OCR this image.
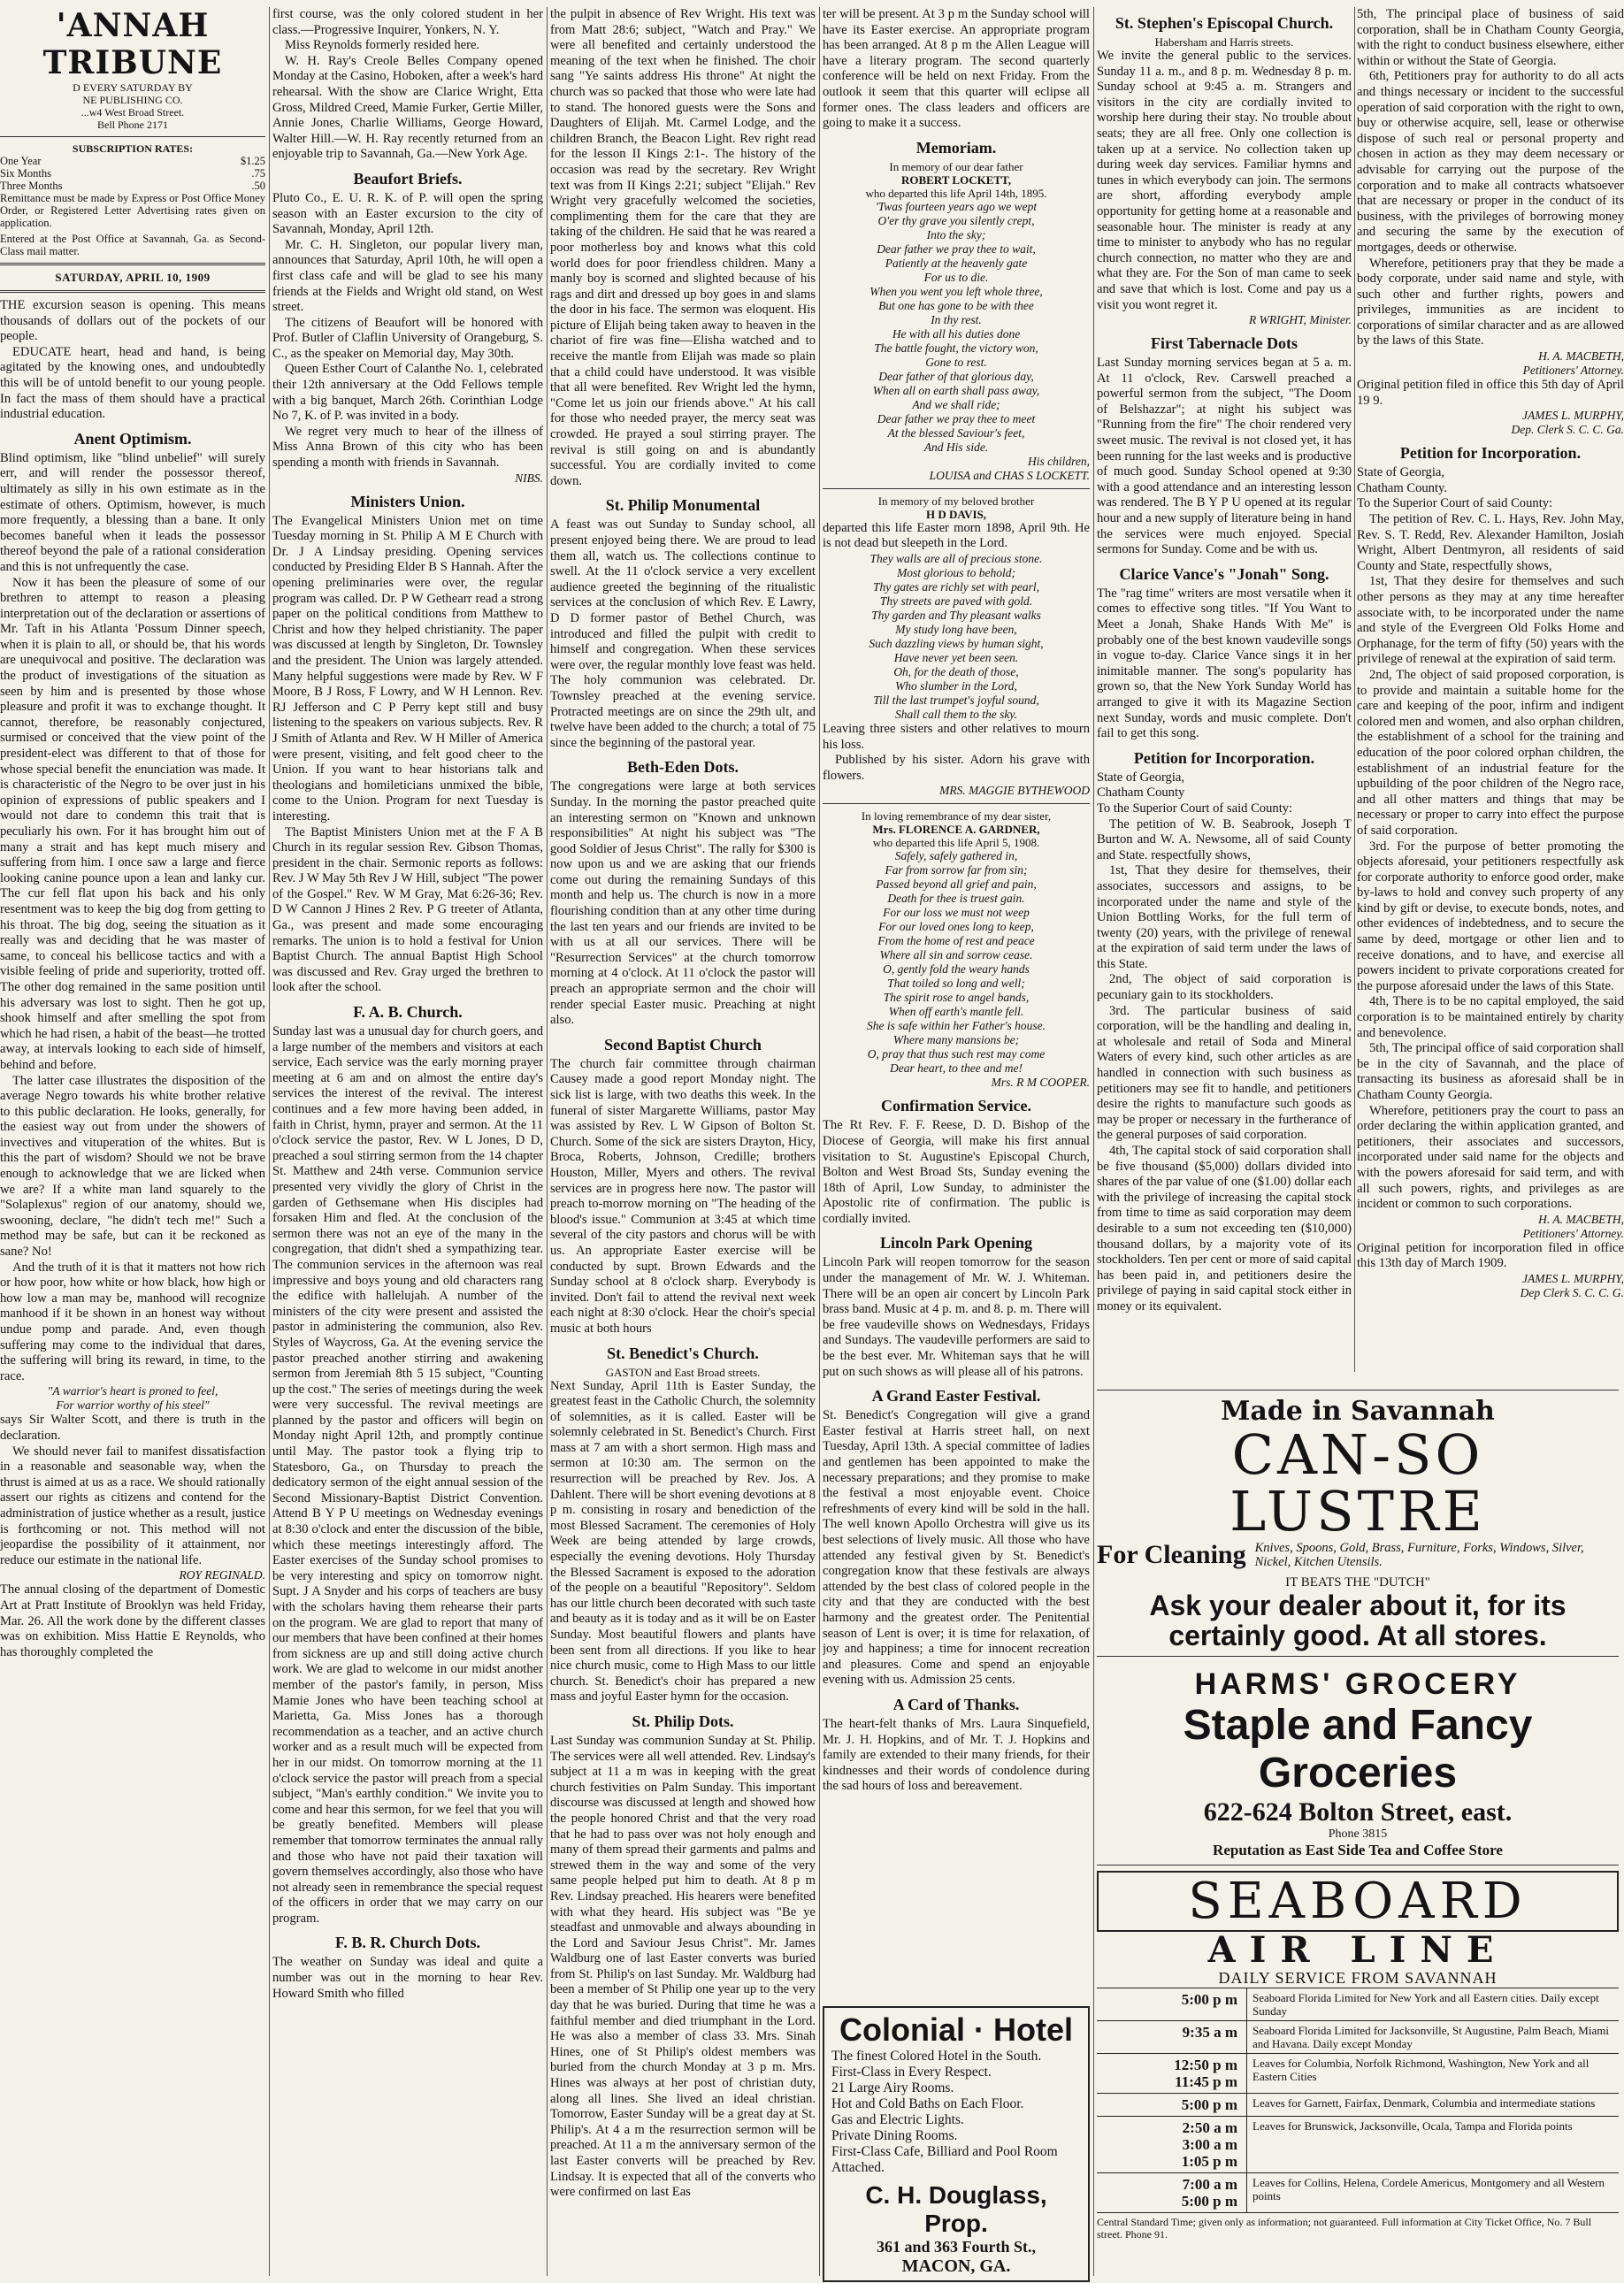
'ANNAH TRIBUNE
D EVERY SATURDAY BY
NE PUBLISHING CO.
...w4 West Broad Street.
Bell Phone 2171
SUBSCRIPTION RATES:
One Year	$1.25
Six Months	.75
Three Months	.50
Remittance must be made by Express or Post Office Money Order, or Registered Letter Advertising rates given on application.
Entered at the Post Office at Savannah, Ga. as Second-Class mail matter.
SATURDAY, APRIL 10, 1909

THE excursion season is opening. This means thousands of dollars out of the pockets of our people.

EDUCATE heart, head and hand, is being agitated by the knowing ones, and undoubtedly this will be of untold benefit to our young people. In fact the mass of them should have a practical industrial education.

Anent Optimism.

Blind optimism, like "blind unbelief" will surely err, and will render the possessor thereof, ultimately as silly in his own estimate as in the estimate of others. Optimism, however, is much more frequently, a blessing than a bane. It only becomes baneful when it leads the possessor thereof beyond the pale of a rational consideration and this is not unfrequently the case.

Now it has been the pleasure of some of our brethren to attempt to reason a pleasing interpretation out of the declaration or assertions of Mr. Taft in his Atlanta 'Possum Dinner speech, when it is plain to all, or should be, that his words are unequivocal and positive. The declaration was the product of investigations of the situation as seen by him and is presented by those whose pleasure and profit it was to exchange thought. It cannot, therefore, be reasonably conjectured, surmised or conceived that the view point of the president-elect was different to that of those for whose special benefit the enunciation was made. It is characteristic of the Negro to be over just in his opinion of expressions of public speakers and I would not dare to condemn this trait that is peculiarly his own. For it has brought him out of many a strait and has kept much misery and suffering from him. I once saw a large and fierce looking canine pounce upon a lean and lanky cur. The cur fell flat upon his back and his only resentment was to keep the big dog from getting to his throat. The big dog, seeing the situation as it really was and deciding that he was master of same, to conceal his bellicose tactics and with a visible feeling of pride and superiority, trotted off. The other dog remained in the same position until his adversary was lost to sight. Then he got up, shook himself and after smelling the spot from which he had risen, a habit of the beast—he trotted away, at intervals looking to each side of himself, behind and before.

The latter case illustrates the disposition of the average Negro towards his white brother relative to this public declaration. He looks, generally, for the easiest way out from under the showers of invectives and vituperation of the whites. But is this the part of wisdom? Should we not be brave enough to acknowledge that we are licked when we are? If a white man land squarely to the "Solaplexus" region of our anatomy, should we, swooning, declare, "he didn't tech me!" Such a method may be safe, but can it be reckoned as sane? No!

And the truth of it is that it matters not how rich or how poor, how white or how black, how high or how low a man may be, manhood will recognize manhood if it be shown in an honest way without undue pomp and parade. And, even though suffering may come to the individual that dares, the suffering will bring its reward, in time, to the race.

"A warrior's heart is proned to feel,
For warrior worthy of his steel"

says Sir Walter Scott, and there is truth in the declaration.

We should never fail to manifest dissatisfaction in a reasonable and seasonable way, when the thrust is aimed at us as a race. We should rationally assert our rights as citizens and contend for the administration of justice whether as a result, justice is forthcoming or not. This method will not jeopardise the possibility of it attainment, nor reduce our estimate in the national life.

ROY REGINALD.

The annual closing of the department of Domestic Art at Pratt Institute of Brooklyn was held Friday, Mar. 26. All the work done by the different classes was on exhibition. Miss Hattie E Reynolds, who has thoroughly completed the

first course, was the only colored student in her class.—Progressive Inquirer, Yonkers, N. Y.

Miss Reynolds formerly resided here.

W. H. Ray's Creole Belles Company opened Monday at the Casino, Hoboken, after a week's hard rehearsal. With the show are Clarice Wright, Etta Gross, Mildred Creed, Mamie Furker, Gertie Miller, Annie Jones, Charlie Williams, George Howard, Walter Hill.—W. H. Ray recently returned from an enjoyable trip to Savannah, Ga.—New York Age.

Beaufort Briefs.

Pluto Co., E. U. R. K. of P. will open the spring season with an Easter excursion to the city of Savannah, Monday, April 12th.

Mr. C. H. Singleton, our popular livery man, announces that Saturday, April 10th, he will open a first class cafe and will be glad to see his many friends at the Fields and Wright old stand, on West street.

The citizens of Beaufort will be honored with Prof. Butler of Claflin University of Orangeburg, S. C., as the speaker on Memorial day, May 30th.

Queen Esther Court of Calanthe No. 1, celebrated their 12th anniversary at the Odd Fellows temple with a big banquet, March 26th. Corinthian Lodge No 7, K. of P. was invited in a body.

We regret very much to hear of the illness of Miss Anna Brown of this city who has been spending a month with friends in Savannah.

NIBS.
Ministers Union.

The Evangelical Ministers Union met on time Tuesday morning in St. Philip A M E Church with Dr. J A Lindsay presiding. Opening services conducted by Presiding Elder B S Hannah. After the opening preliminaries were over, the regular program was called. Dr. P W Gethearr read a strong paper on the political conditions from Matthew to Christ and how they helped christianity. The paper was discussed at length by Singleton, Dr. Townsley and the president. The Union was largely attended. Many helpful suggestions were made by Rev. W F Moore, B J Ross, F Lowry, and W H Lennon. Rev. RJ Jefferson and C P Perry kept still and busy listening to the speakers on various subjects. Rev. R J Smith of Atlanta and Rev. W H Miller of America were present, visiting, and felt good cheer to the Union. If you want to hear historians talk and theologians and homileticians unmixed the bible, come to the Union. Program for next Tuesday is interesting.

The Baptist Ministers Union met at the F A B Church in its regular session Rev. Gibson Thomas, president in the chair. Sermonic reports as follows: Rev. J W May 5th Rev J W Hill, subject "The power of the Gospel." Rev. W M Gray, Mat 6:26-36; Rev. D W Cannon J Hines 2 Rev. P G treeter of Atlanta, Ga., was present and made some encouraging remarks. The union is to hold a festival for Union Baptist Church. The annual Baptist High School was discussed and Rev. Gray urged the brethren to look after the school.

F. A. B. Church.

Sunday last was a unusual day for church goers, and a large number of the members and visitors at each service, Each service was the early morning prayer meeting at 6 am and on almost the entire day's services the interest of the revival. The interest continues and a few more having been added, in faith in Christ, hymn, prayer and sermon. At the 11 o'clock service the pastor, Rev. W L Jones, D D, preached a soul stirring sermon from the 14 chapter St. Matthew and 24th verse. Communion service presented very vividly the glory of Christ in the garden of Gethsemane when His disciples had forsaken Him and fled. At the conclusion of the sermon there was not an eye of the many in the congregation, that didn't shed a sympathizing tear. The communion services in the afternoon was real impressive and boys young and old characters rang the edifice with hallelujah. A number of the ministers of the city were present and assisted the pastor in administering the communion, also Rev. Styles of Waycross, Ga. At the evening service the pastor preached another stirring and awakening sermon from Jeremiah 8th 5 15 subject, "Counting up the cost." The series of meetings during the week were very successful. The revival meetings are planned by the pastor and officers will begin on Monday night April 12th, and promptly continue until May. The pastor took a flying trip to Statesboro, Ga., on Thursday to preach the dedicatory sermon of the eight annual session of the Second Missionary-Baptist District Convention. Attend B Y P U meetings on Wednesday evenings at 8:30 o'clock and enter the discussion of the bible, which these meetings interestingly afford. The Easter exercises of the Sunday school promises to be very interesting and spicy on tomorrow night. Supt. J A Snyder and his corps of teachers are busy with the scholars having them rehearse their parts on the program. We are glad to report that many of our members that have been confined at their homes from sickness are up and still doing active church work. We are glad to welcome in our midst another member of the pastor's family, in person, Miss Mamie Jones who have been teaching school at Marietta, Ga. Miss Jones has a thorough recommendation as a teacher, and an active church worker and as a result much will be expected from her in our midst. On tomorrow morning at the 11 o'clock service the pastor will preach from a special subject, "Man's earthly condition." We invite you to come and hear this sermon, for we feel that you will be greatly benefited. Members will please remember that tomorrow terminates the annual rally and those who have not paid their taxation will govern themselves accordingly, also those who have not already seen in remembrance the special request of the officers in order that we may carry on our program.

F. B. R. Church Dots.

The weather on Sunday was ideal and quite a number was out in the morning to hear Rev. Howard Smith who filled

the pulpit in absence of Rev Wright. His text was from Matt 28:6; subject, "Watch and Pray." We were all benefited and certainly understood the meaning of the text when he finished. The choir sang "Ye saints address His throne" At night the church was so packed that those who were late had to stand. The honored guests were the Sons and Daughters of Elijah. Mt. Carmel Lodge, and the children Branch, the Beacon Light. Rev right read for the lesson II Kings 2:1-. The history of the occasion was read by the secretary. Rev Wright text was from II Kings 2:21; subject "Elijah." Rev Wright very gracefully welcomed the societies, complimenting them for the care that they are taking of the children. He said that he was reared a poor motherless boy and knows what this cold world does for poor friendless children. Many a manly boy is scorned and slighted because of his rags and dirt and dressed up boy goes in and slams the door in his face. The sermon was eloquent. His picture of Elijah being taken away to heaven in the chariot of fire was fine—Elisha watched and to receive the mantle from Elijah was made so plain that a child could have understood. It was visible that all were benefited. Rev Wright led the hymn, "Come let us join our friends above." At his call for those who needed prayer, the mercy seat was crowded. He prayed a soul stirring prayer. The revival is still going on and is abundantly successful. You are cordially invited to come down.

St. Philip Monumental

A feast was out Sunday to Sunday school, all present enjoyed being there. We are proud to lead them all, watch us. The collections continue to swell. At the 11 o'clock service a very excellent audience greeted the beginning of the ritualistic services at the conclusion of which Rev. E Lawry, D D former pastor of Bethel Church, was introduced and filled the pulpit with credit to himself and congregation. When these services were over, the regular monthly love feast was held. The holy communion was celebrated. Dr. Townsley preached at the evening service. Protracted meetings are on since the 29th ult, and twelve have been added to the church; a total of 75 since the beginning of the pastoral year.

Beth-Eden Dots.

The congregations were large at both services Sunday. In the morning the pastor preached quite an interesting sermon on "Known and unknown responsibilities" At night his subject was "The good Soldier of Jesus Christ". The rally for $300 is now upon us and we are asking that our friends come out during the remaining Sundays of this month and help us. The church is now in a more flourishing condition than at any other time during the last ten years and our friends are invited to be with us at all our services. There will be "Resurrection Services" at the church tomorrow morning at 4 o'clock. At 11 o'clock the pastor will preach an appropriate sermon and the choir will render special Easter music. Preaching at night also.

Second Baptist Church

The church fair committee through chairman Causey made a good report Monday night. The sick list is large, with two deaths this week. In the funeral of sister Margarette Williams, pastor May was assisted by Rev. L W Gipson of Bolton St. Church. Some of the sick are sisters Drayton, Hicy, Broca, Roberts, Johnson, Credille; brothers Houston, Miller, Myers and others. The revival services are in progress here now. The pastor will preach to-morrow morning on "The heading of the blood's issue." Communion at 3:45 at which time several of the city pastors and chorus will be with us. An appropriate Easter exercise will be conducted by supt. Brown Edwards and the Sunday school at 8 o'clock sharp. Everybody is invited. Don't fail to attend the revival next week each night at 8:30 o'clock. Hear the choir's special music at both hours

St. Benedict's Church.
GASTON and East Broad streets.

Next Sunday, April 11th is Easter Sunday, the greatest feast in the Catholic Church, the solemnity of solemnities, as it is called. Easter will be solemnly celebrated in St. Benedict's Church. First mass at 7 am with a short sermon. High mass and sermon at 10:30 am. The sermon on the resurrection will be preached by Rev. Jos. A Dahlent. There will be short evening devotions at 8 p m. consisting in rosary and benediction of the most Blessed Sacrament. The ceremonies of Holy Week are being attended by large crowds, especially the evening devotions. Holy Thursday the Blessed Sacrament is exposed to the adoration of the people on a beautiful "Repository". Seldom has our little church been decorated with such taste and beauty as it is today and as it will be on Easter Sunday. Most beautiful flowers and plants have been sent from all directions. If you like to hear nice church music, come to High Mass to our little church. St. Benedict's choir has prepared a new mass and joyful Easter hymn for the occasion.

St. Philip Dots.

Last Sunday was communion Sunday at St. Philip. The services were all well attended. Rev. Lindsay's subject at 11 a m was in keeping with the great church festivities on Palm Sunday. This important discourse was discussed at length and showed how the people honored Christ and that the very road that he had to pass over was not holy enough and many of them spread their garments and palms and strewed them in the way and some of the very same people helped put him to death. At 8 p m Rev. Lindsay preached. His hearers were benefited with what they heard. His subject was "Be ye steadfast and unmovable and always abounding in the Lord and Saviour Jesus Christ". Mr. James Waldburg one of last Easter converts was buried from St. Philip's on last Sunday. Mr. Waldburg had been a member of St Philip one year up to the very day that he was buried. During that time he was a faithful member and died triumphant in the Lord. He was also a member of class 33. Mrs. Sinah Hines, one of St Philip's oldest members was buried from the church Monday at 3 p m. Mrs. Hines was always at her post of christian duty, along all lines. She lived an ideal christian. Tomorrow, Easter Sunday will be a great day at St. Philip's. At 4 a m the resurrection sermon will be preached. At 11 a m the anniversary sermon of the last Easter converts will be preached by Rev. Lindsay. It is expected that all of the converts who were confirmed on last Eas

ter will be present. At 3 p m the Sunday school will have its Easter exercise. An appropriate program has been arranged. At 8 p m the Allen League will have a literary program. The second quarterly conference will be held on next Friday. From the outlook it seem that this quarter will eclipse all former ones. The class leaders and officers are going to make it a success.

Memoriam.
In memory of our dear father
ROBERT LOCKETT,
who departed this life April 14th, 1895.
'Twas fourteen years ago we wept
O'er thy grave you silently crept,
Into the sky;
Dear father we pray thee to wait,
Patiently at the heavenly gate
For us to die.
When you went you left whole three,
But one has gone to be with thee
In thy rest.
He with all his duties done
The battle fought, the victory won,
Gone to rest.
Dear father of that glorious day,
When all on earth shall pass away,
And we shall ride;
Dear father we pray thee to meet
At the blessed Saviour's feet,
And His side.
His children,
LOUISA and CHAS S LOCKETT.
In memory of my beloved brother
H D DAVIS,

departed this life Easter morn 1898, April 9th. He is not dead but sleepeth in the Lord.

They walls are all of precious stone.
Most glorious to behold;
Thy gates are richly set with pearl,
Thy streets are paved with gold.
Thy garden and Thy pleasant walks
My study long have been,
Such dazzling views by human sight,
Have never yet been seen.
Oh, for the death of those,
Who slumber in the Lord,
Till the last trumpet's joyful sound,
Shall call them to the sky.

Leaving three sisters and other relatives to mourn his loss.

Published by his sister. Adorn his grave with flowers.

MRS. MAGGIE BYTHEWOOD
In loving remembrance of my dear sister,
Mrs. FLORENCE A. GARDNER,
who departed this life April 5, 1908.
Safely, safely gathered in,
Far from sorrow far from sin;
Passed beyond all grief and pain,
Death for thee is truest gain.
For our loss we must not weep
For our loved ones long to keep,
From the home of rest and peace
Where all sin and sorrow cease.
O, gently fold the weary hands
That toiled so long and well;
The spirit rose to angel bands,
When off earth's mantle fell.
She is safe within her Father's house.
Where many mansions be;
O, pray that thus such rest may come
Dear heart, to thee and me!
Mrs. R M COOPER.
Confirmation Service.

The Rt Rev. F. F. Reese, D. D. Bishop of the Diocese of Georgia, will make his first annual visitation to St. Augustine's Episcopal Church, Bolton and West Broad Sts, Sunday evening the 18th of April, Low Sunday, to administer the Apostolic rite of confirmation. The public is cordially invited.

Lincoln Park Opening

Lincoln Park will reopen tomorrow for the season under the management of Mr. W. J. Whiteman. There will be an open air concert by Lincoln Park brass band. Music at 4 p. m. and 8. p. m. There will be free vaudeville shows on Wednesdays, Fridays and Sundays. The vaudeville performers are said to be the best ever. Mr. Whiteman says that he will put on such shows as will please all of his patrons.

A Grand Easter Festival.

St. Benedict's Congregation will give a grand Easter festival at Harris street hall, on next Tuesday, April 13th. A special committee of ladies and gentlemen has been appointed to make the necessary preparations; and they promise to make the festival a most enjoyable event. Choice refreshments of every kind will be sold in the hall. The well known Apollo Orchestra will give us its best selections of lively music. All those who have attended any festival given by St. Benedict's congregation know that these festivals are always attended by the best class of colored people in the city and that they are conducted with the best harmony and the greatest order. The Penitential season of Lent is over; it is time for relaxation, of joy and happiness; a time for innocent recreation and pleasures. Come and spend an enjoyable evening with us. Admission 25 cents.

A Card of Thanks.

The heart-felt thanks of Mrs. Laura Sinquefield, Mr. J. H. Hopkins, and of Mr. T. J. Hopkins and family are extended to their many friends, for their kindnesses and their words of condolence during the sad hours of loss and bereavement.

St. Stephen's Episcopal Church.
Habersham and Harris streets.

We invite the general public to the services. Sunday 11 a. m., and 8 p. m. Wednesday 8 p. m. Sunday school at 9:45 a. m. Strangers and visitors in the city are cordially invited to worship here during their stay. No trouble about seats; they are all free. Only one collection is taken up at a service. No collection taken up during week day services. Familiar hymns and tunes in which everybody can join. The sermons are short, affording everybody ample opportunity for getting home at a reasonable and seasonable hour. The minister is ready at any time to minister to anybody who has no regular church connection, no matter who they are and what they are. For the Son of man came to seek and save that which is lost. Come and pay us a visit you wont regret it.

R WRIGHT, Minister.
First Tabernacle Dots

Last Sunday morning services began at 5 a. m. At 11 o'clock, Rev. Carswell preached a powerful sermon from the subject, "The Doom of Belshazzar"; at night his subject was "Running from the fire" The choir rendered very sweet music. The revival is not closed yet, it has been running for the last weeks and is productive of much good. Sunday School opened at 9:30 with a good attendance and an interesting lesson was rendered. The B Y P U opened at its regular hour and a new supply of literature being in hand the services were much enjoyed. Special sermons for Sunday. Come and be with us.

Clarice Vance's "Jonah" Song.

The "rag time" writers are most versatile when it comes to effective song titles. "If You Want to Meet a Jonah, Shake Hands With Me" is probably one of the best known vaudeville songs in vogue to-day. Clarice Vance sings it in her inimitable manner. The song's popularity has grown so, that the New York Sunday World has arranged to give it with its Magazine Section next Sunday, words and music complete. Don't fail to get this song.

Petition for Incorporation.
State of Georgia,
Chatham County

To the Superior Court of said County:

The petition of W. B. Seabrook, Joseph T Burton and W. A. Newsome, all of said County and State. respectfully shows,

1st, That they desire for themselves, their associates, successors and assigns, to be incorporated under the name and style of the Union Bottling Works, for the full term of twenty (20) years, with the privilege of renewal at the expiration of said term under the laws of this State.

2nd, The object of said corporation is pecuniary gain to its stockholders.

3rd. The particular business of said corporation, will be the handling and dealing in, at wholesale and retail of Soda and Mineral Waters of every kind, such other articles as are handled in connection with such business as petitioners may see fit to handle, and petitioners desire the rights to manufacture such goods as may be proper or necessary in the furtherance of the general purposes of said corporation.

4th, The capital stock of said corporation shall be five thousand ($5,000) dollars divided into shares of the par value of one ($1.00) dollar each with the privilege of increasing the capital stock from time to time as said corporation may deem desirable to a sum not exceeding ten ($10,000) thousand dollars, by a majority vote of its stockholders. Ten per cent or more of said capital has been paid in, and petitioners desire the privilege of paying in said capital stock either in money or its equivalent.

5th, The principal place of business of said corporation, shall be in Chatham County Georgia, with the right to conduct business elsewhere, either within or without the State of Georgia.

6th, Petitioners pray for authority to do all acts and things necessary or incident to the successful operation of said corporation with the right to own, buy or otherwise acquire, sell, lease or otherwise dispose of such real or personal property and chosen in action as they may deem necessary or advisable for carrying out the purpose of the corporation and to make all contracts whatsoever that are necessary or proper in the conduct of its business, with the privileges of borrowing money and securing the same by the execution of mortgages, deeds or otherwise.

Wherefore, petitioners pray that they be made a body corporate, under said name and style, with such other and further rights, powers and privileges, immunities as are incident to corporations of similar character and as are allowed by the laws of this State.

H. A. MACBETH,
Petitioners' Attorney.

Original petition filed in office this 5th day of April 19 9.

JAMES L. MURPHY,
Dep. Clerk S. C. C. Ga.
Petition for Incorporation.
State of Georgia,
Chatham County.

To the Superior Court of said County:

The petition of Rev. C. L. Hays, Rev. John May, Rev. S. T. Redd, Rev. Alexander Hamilton, Josiah Wright, Albert Dentmyron, all residents of said County and State, respectfully shows,

1st, That they desire for themselves and such other persons as they may at any time hereafter associate with, to be incorporated under the name and style of the Evergreen Old Folks Home and Orphanage, for the term of fifty (50) years with the privilege of renewal at the expiration of said term.

2nd, The object of said proposed corporation, is to provide and maintain a suitable home for the care and keeping of the poor, infirm and indigent colored men and women, and also orphan children, the establishment of a school for the training and education of the poor colored orphan children, the establishment of an industrial feature for the upbuilding of the poor children of the Negro race, and all other matters and things that may be necessary or proper to carry into effect the purpose of said corporation.

3rd. For the purpose of better promoting the objects aforesaid, your petitioners respectfully ask for corporate authority to enforce good order, make by-laws to hold and convey such property of any kind by gift or devise, to execute bonds, notes, and other evidences of indebtedness, and to secure the same by deed, mortgage or other lien and to receive donations, and to have, and exercise all powers incident to private corporations created for the purpose aforesaid under the laws of this State.

4th, There is to be no capital employed, the said corporation is to be maintained entirely by charity and benevolence.

5th, The principal office of said corporation shall be in the city of Savannah, and the place of transacting its business as aforesaid shall be in Chatham County Georgia.

Wherefore, petitioners pray the court to pass an order declaring the within application granted, and petitioners, their associates and successors, incorporated under said name for the objects and with the powers aforesaid for said term, and with all such powers, rights, and privileges as are incident or common to such corporations.

H. A. MACBETH,
Petitioners' Attorney.

Original petition for incorporation filed in office this 13th day of March 1909.

JAMES L. MURPHY,
Dep Clerk S. C. C. G.
Made in Savannah
CAN-SO LUSTRE
For Cleaning Knives, Spoons, Gold, Brass, Furniture, Forks, Windows, Silver, Nickel, Kitchen Utensils.
IT BEATS THE "DUTCH"
Ask your dealer about it, for its certainly good. At all stores.
HARMS' GROCERY
Staple and Fancy Groceries
622-624 Bolton Street, east.
Phone 3815
Reputation as East Side Tea and Coffee Store
SEABOARD
AIR LINE
DAILY SERVICE FROM SAVANNAH
5:00 p m	Seaboard Florida Limited for New York and all Eastern cities. Daily except Sunday
9:35 a m	Seaboard Florida Limited for Jacksonville, St Augustine, Palm Beach, Miami and Havana. Daily except Monday
12:50 p m
11:45 p m
Leaves for Columbia, Norfolk Richmond, Washington, New York and all Eastern Cities
5:00 p m	Leaves for Garnett, Fairfax, Denmark, Columbia and intermediate stations
2:50 a m
3:00 a m
1:05 p m
Leaves for Brunswick, Jacksonville, Ocala, Tampa and Florida points
7:00 a m
5:00 p m
Leaves for Collins, Helena, Cordele Americus, Montgomery and all Western points
Central Standard Time; given only as information; not guaranteed. Full information at City Ticket Office, No. 7 Bull street. Phone 91.
Colonial · Hotel
The finest Colored Hotel in the South.
First-Class in Every Respect.
21 Large Airy Rooms.
Hot and Cold Baths on Each Floor.
Gas and Electric Lights.
Private Dining Rooms.
First-Class Cafe, Billiard and Pool Room Attached.
C. H. Douglass, Prop.
361 and 363 Fourth St.,
MACON, GA.
